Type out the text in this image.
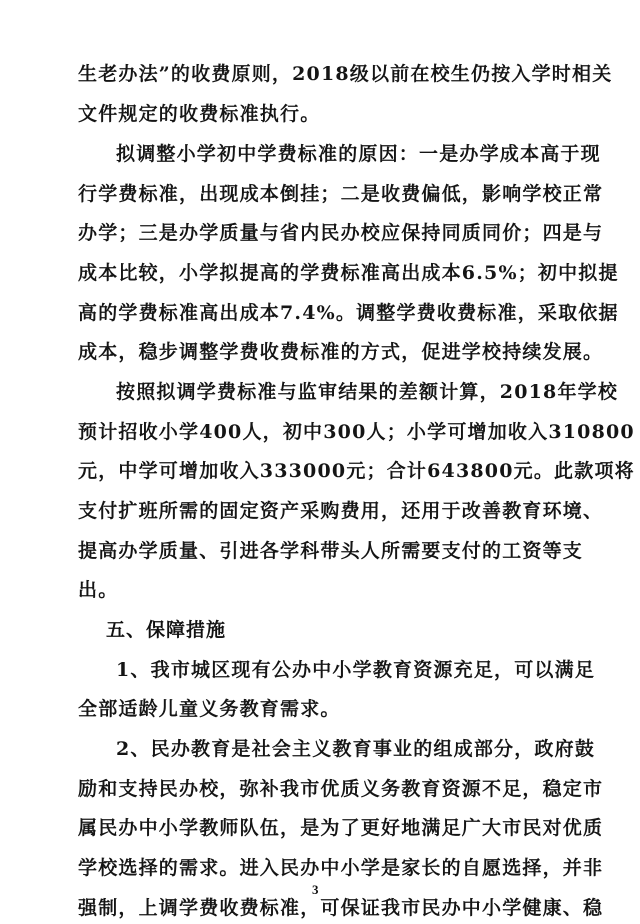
生老办法”的收费原则，2018级以前在校生仍按入学时相关
文件规定的收费标准执行。
拟调整小学初中学费标准的原因：一是办学成本高于现
行学费标准，出现成本倒挂；二是收费偏低，影响学校正常
办学；三是办学质量与省内民办校应保持同质同价；四是与
成本比较，小学拟提高的学费标准高出成本6.5%；初中拟提
高的学费标准高出成本7.4%。调整学费收费标准，采取依据
成本，稳步调整学费收费标准的方式，促进学校持续发展。
按照拟调学费标准与监审结果的差额计算，2018年学校
预计招收小学400人，初中300人；小学可增加收入310800
元，中学可增加收入333000元；合计643800元。此款项将
支付扩班所需的固定资产采购费用，还用于改善教育环境、
提高办学质量、引进各学科带头人所需要支付的工资等支
出。
1、我市城区现有公办中小学教育资源充足，可以满足
全部适龄儿童义务教育需求。
2、民办教育是社会主义教育事业的组成部分，政府鼓
励和支持民办校，弥补我市优质义务教育资源不足，稳定市
属民办中小学教师队伍，是为了更好地满足广大市民对优质
学校选择的需求。进入民办中小学是家长的自愿选择，并非
强制，上调学费收费标准，可保证我市民办中小学健康、稳
五、保障措施
3
